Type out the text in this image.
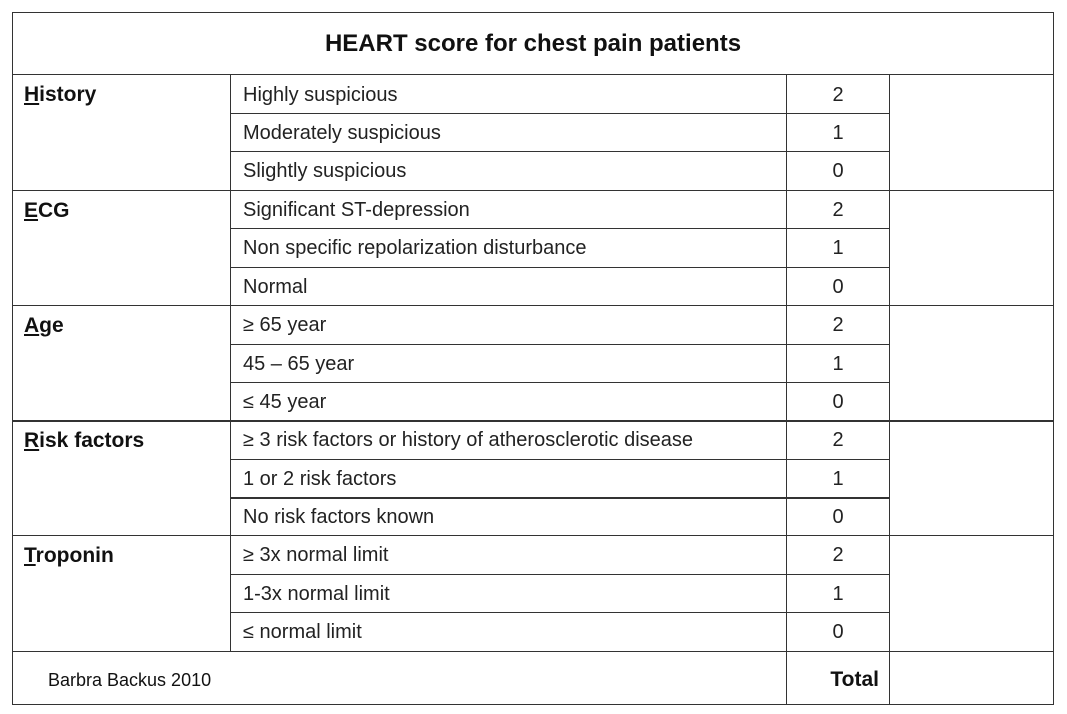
HEART score for chest pain patients
History	Highly suspicious	2
Moderately suspicious	1
Slightly suspicious	0
ECG	Significant ST-depression	2
Non specific repolarization disturbance	1
Normal	0
Age	≥ 65 year	2
45 – 65 year	1
≤ 45 year	0
Risk factors	≥ 3 risk factors or history of atherosclerotic disease	2
1 or 2 risk factors	1
No risk factors known	0
Troponin	≥ 3x normal limit	2
1-3x normal limit	1
≤ normal limit	0
Barbra Backus 2010	Total
